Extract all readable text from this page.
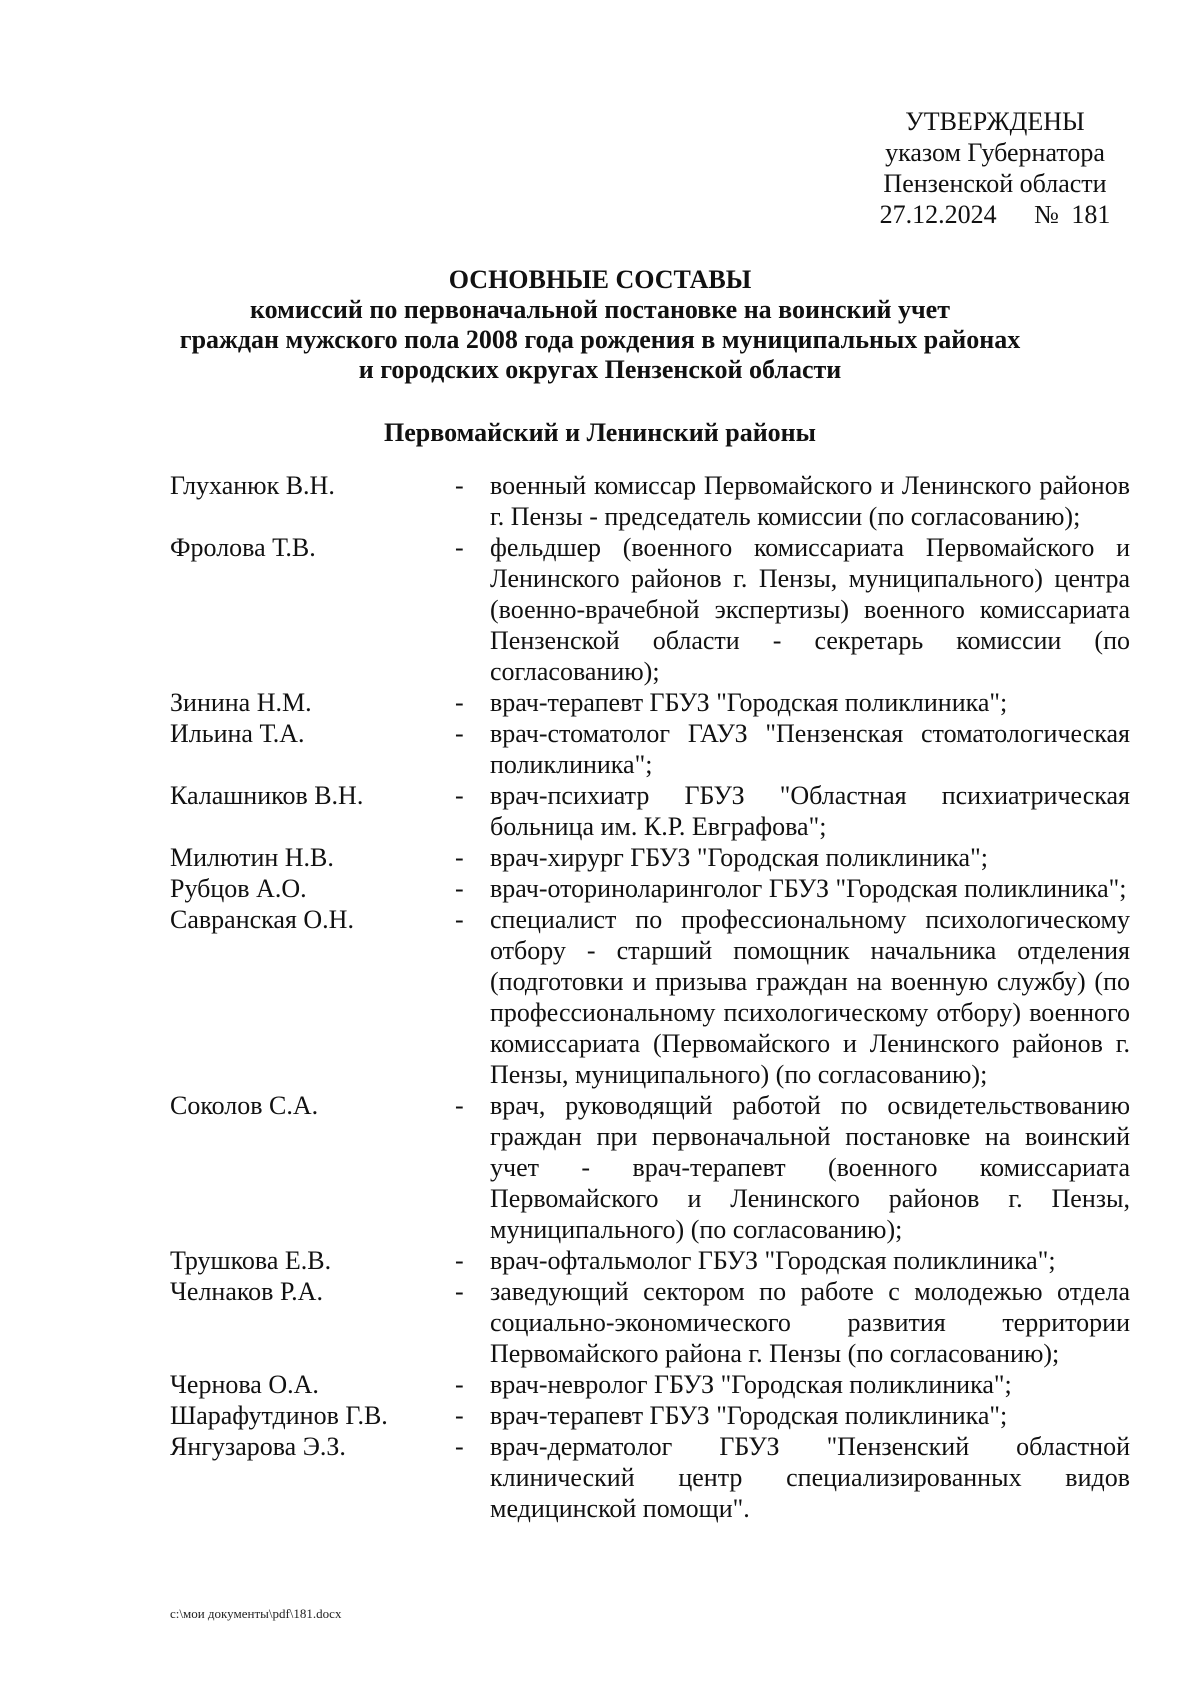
УТВЕРЖДЕНЫ
указом Губернатора
Пензенской области
27.12.2024 № 181
ОСНОВНЫЕ СОСТАВЫ
комиссий по первоначальной постановке на воинский учет
граждан мужского пола 2008 года рождения в муниципальных районах
и городских округах Пензенской области
Первомайский и Ленинский районы
Глуханюк В.Н.	-	военный комиссар Первомайского и Ленинского районов г. Пензы - председатель комиссии (по согласованию);
Фролова Т.В.	-	фельдшер (военного комиссариата Первомайского и Ленинского районов г. Пензы, муниципального) центра (военно-врачебной экспертизы) военного комиссариата Пензенской области - секретарь комиссии (по согласованию);
Зинина Н.М.	-	врач-терапевт ГБУЗ "Городская поликлиника";
Ильина Т.А.	-	врач-стоматолог ГАУЗ "Пензенская стоматологическая поликлиника";
Калашников В.Н.	-	врач-психиатр ГБУЗ "Областная психиатрическая больница им. К.Р. Евграфова";
Милютин Н.В.	-	врач-хирург ГБУЗ "Городская поликлиника";
Рубцов А.О.	-	врач-оториноларинголог ГБУЗ "Городская поликлиника";
Савранская О.Н.	-	специалист по профессиональному психологическому отбору - старший помощник начальника отделения (подготовки и призыва граждан на военную службу) (по профессиональному психологическому отбору) военного комиссариата (Первомайского и Ленинского районов г. Пензы, муниципального) (по согласованию);
Соколов С.А.	-	врач, руководящий работой по освидетельствованию граждан при первоначальной постановке на воинский учет - врач-терапевт (военного комиссариата Первомайского и Ленинского районов г. Пензы, муниципального) (по согласованию);
Трушкова Е.В.	-	врач-офтальмолог ГБУЗ "Городская поликлиника";
Челнаков Р.А.	-	заведующий сектором по работе с молодежью отдела социально-экономического развития территории Первомайского района г. Пензы (по согласованию);
Чернова О.А.	-	врач-невролог ГБУЗ "Городская поликлиника";
Шарафутдинов Г.В.	-	врач-терапевт ГБУЗ "Городская поликлиника";
Янгузарова Э.З.	-	врач-дерматолог ГБУЗ "Пензенский областной клинический центр специализированных видов медицинской помощи".
c:\мои документы\pdf\181.docx
